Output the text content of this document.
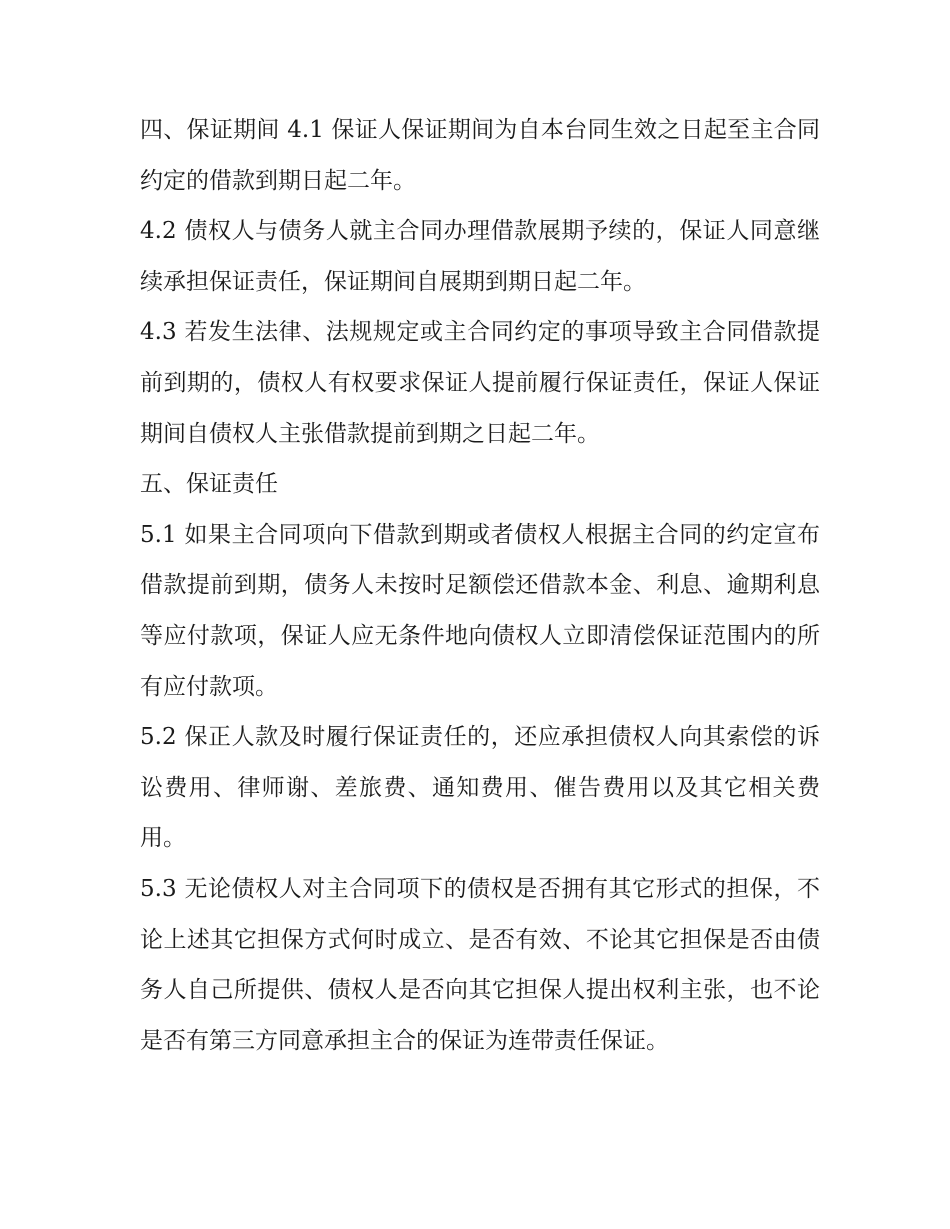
四、保证期间 4.1 保证人保证期间为自本台同生效之日起至主合同约定的借款到期日起二年。

4.2 债权人与债务人就主合同办理借款展期予续的，保证人同意继续承担保证责任，保证期间自展期到期日起二年。

4.3 若发生法律、法规规定或主合同约定的事项导致主合同借款提前到期的，债权人有权要求保证人提前履行保证责任，保证人保证期间自债权人主张借款提前到期之日起二年。

五、保证责任

5.1 如果主合同项向下借款到期或者债权人根据主合同的约定宣布借款提前到期，债务人未按时足额偿还借款本金、利息、逾期利息等应付款项，保证人应无条件地向债权人立即清偿保证范围内的所有应付款项。

5.2 保正人款及时履行保证责任的，还应承担债权人向其索偿的诉讼费用、律师谢、差旅费、通知费用、催告费用以及其它相关费用。

5.3 无论债权人对主合同项下的债权是否拥有其它形式的担保，不论上述其它担保方式何时成立、是否有效、不论其它担保是否由债务人自己所提供、债权人是否向其它担保人提出权利主张，也不论是否有第三方同意承担主合的保证为连带责任保证。
